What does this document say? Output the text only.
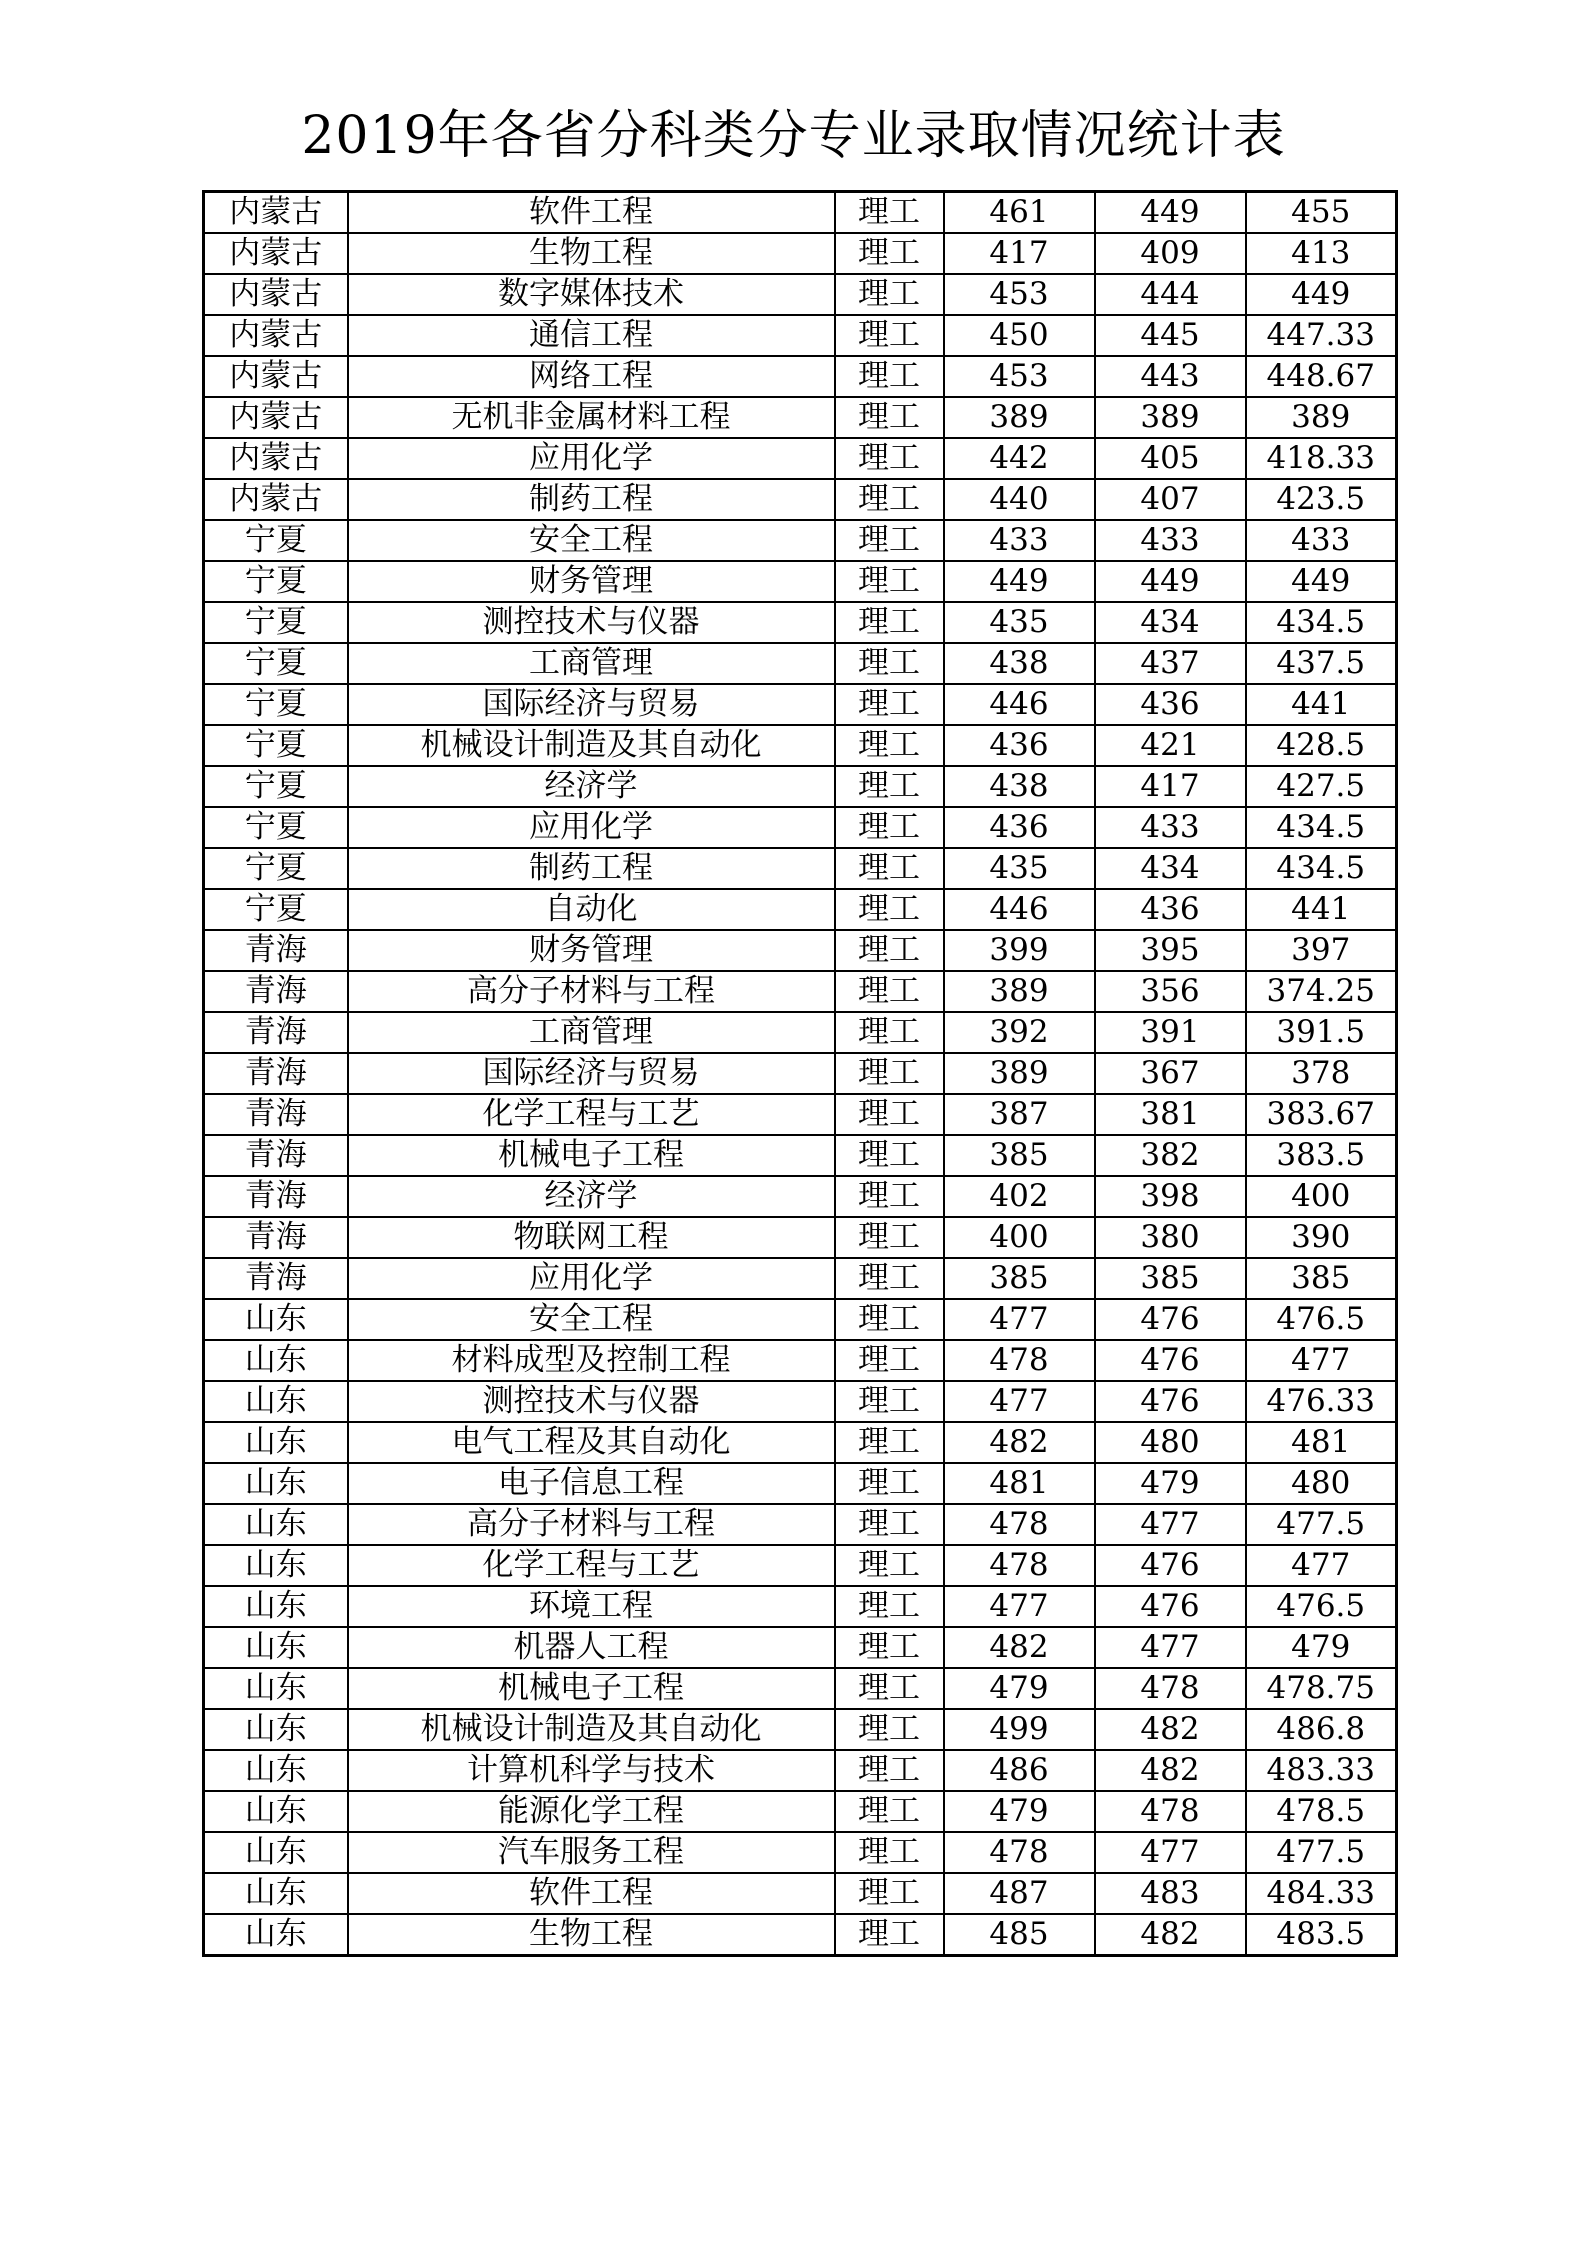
2019年各省分科类分专业录取情况统计表
内蒙古	软件工程	理工	461	449	455
内蒙古	生物工程	理工	417	409	413
内蒙古	数字媒体技术	理工	453	444	449
内蒙古	通信工程	理工	450	445	447.33
内蒙古	网络工程	理工	453	443	448.67
内蒙古	无机非金属材料工程	理工	389	389	389
内蒙古	应用化学	理工	442	405	418.33
内蒙古	制药工程	理工	440	407	423.5
宁夏	安全工程	理工	433	433	433
宁夏	财务管理	理工	449	449	449
宁夏	测控技术与仪器	理工	435	434	434.5
宁夏	工商管理	理工	438	437	437.5
宁夏	国际经济与贸易	理工	446	436	441
宁夏	机械设计制造及其自动化	理工	436	421	428.5
宁夏	经济学	理工	438	417	427.5
宁夏	应用化学	理工	436	433	434.5
宁夏	制药工程	理工	435	434	434.5
宁夏	自动化	理工	446	436	441
青海	财务管理	理工	399	395	397
青海	高分子材料与工程	理工	389	356	374.25
青海	工商管理	理工	392	391	391.5
青海	国际经济与贸易	理工	389	367	378
青海	化学工程与工艺	理工	387	381	383.67
青海	机械电子工程	理工	385	382	383.5
青海	经济学	理工	402	398	400
青海	物联网工程	理工	400	380	390
青海	应用化学	理工	385	385	385
山东	安全工程	理工	477	476	476.5
山东	材料成型及控制工程	理工	478	476	477
山东	测控技术与仪器	理工	477	476	476.33
山东	电气工程及其自动化	理工	482	480	481
山东	电子信息工程	理工	481	479	480
山东	高分子材料与工程	理工	478	477	477.5
山东	化学工程与工艺	理工	478	476	477
山东	环境工程	理工	477	476	476.5
山东	机器人工程	理工	482	477	479
山东	机械电子工程	理工	479	478	478.75
山东	机械设计制造及其自动化	理工	499	482	486.8
山东	计算机科学与技术	理工	486	482	483.33
山东	能源化学工程	理工	479	478	478.5
山东	汽车服务工程	理工	478	477	477.5
山东	软件工程	理工	487	483	484.33
山东	生物工程	理工	485	482	483.5
